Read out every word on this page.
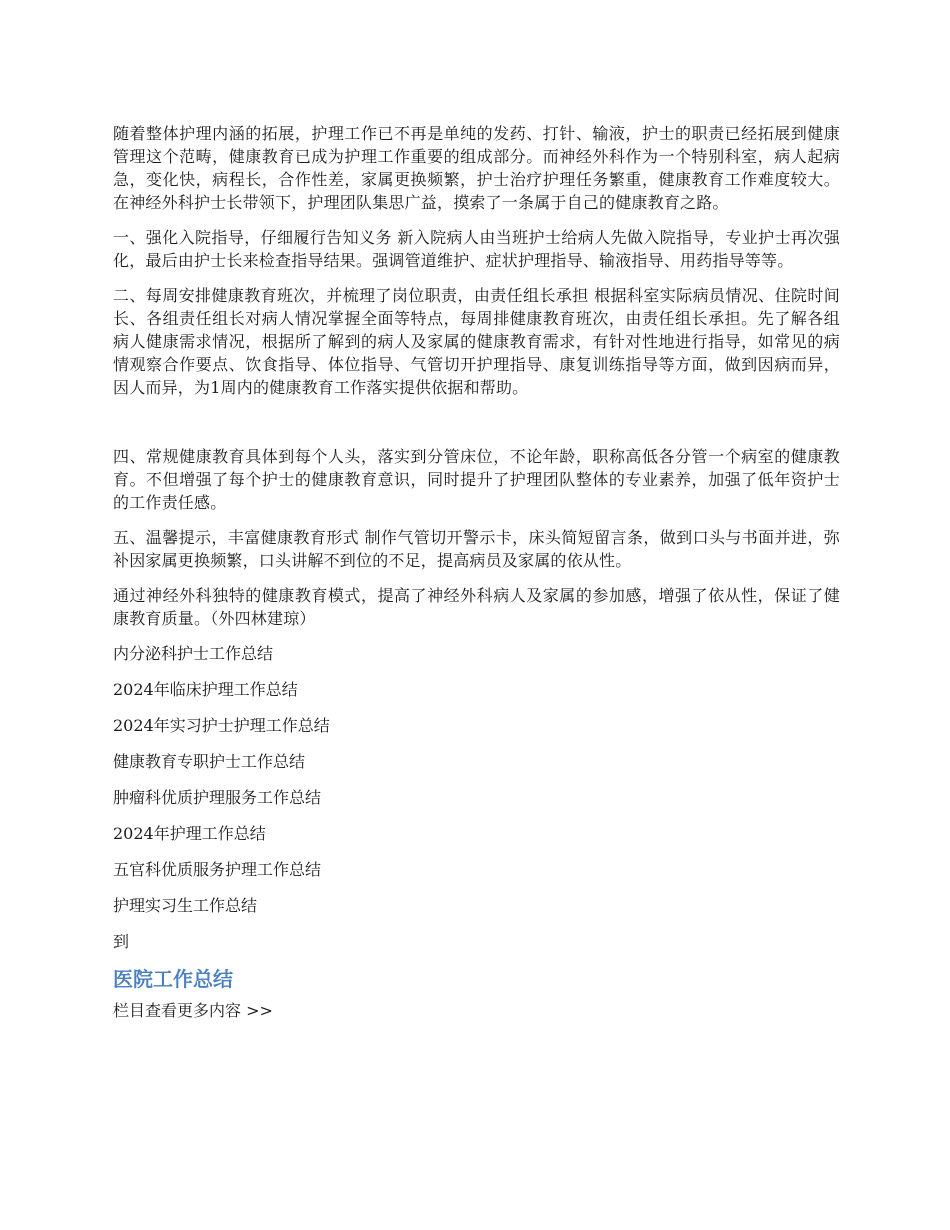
随着整体护理内涵的拓展，护理工作已不再是单纯的发药、打针、输液，护士的职责已经拓展到健康管理这个范畴，健康教育已成为护理工作重要的组成部分。而神经外科作为一个特别科室，病人起病急，变化快，病程长，合作性差，家属更换频繁，护士治疗护理任务繁重，健康教育工作难度较大。在神经外科护士长带领下，护理团队集思广益，摸索了一条属于自己的健康教育之路。

一、强化入院指导，仔细履行告知义务 新入院病人由当班护士给病人先做入院指导，专业护士再次强化，最后由护士长来检查指导结果。强调管道维护、症状护理指导、输液指导、用药指导等等。

二、每周安排健康教育班次，并梳理了岗位职责，由责任组长承担 根据科室实际病员情况、住院时间长、各组责任组长对病人情况掌握全面等特点，每周排健康教育班次，由责任组长承担。先了解各组病人健康需求情况，根据所了解到的病人及家属的健康教育需求，有针对性地进行指导，如常见的病情观察合作要点、饮食指导、体位指导、气管切开护理指导、康复训练指导等方面，做到因病而异，因人而异，为1周内的健康教育工作落实提供依据和帮助。

四、常规健康教育具体到每个人头，落实到分管床位，不论年龄，职称高低各分管一个病室的健康教育。不但增强了每个护士的健康教育意识，同时提升了护理团队整体的专业素养，加强了低年资护士的工作责任感。

五、温馨提示，丰富健康教育形式 制作气管切开警示卡，床头简短留言条，做到口头与书面并进，弥补因家属更换频繁，口头讲解不到位的不足，提高病员及家属的依从性。

通过神经外科独特的健康教育模式，提高了神经外科病人及家属的参加感，增强了依从性，保证了健康教育质量。（外四林建琼）

内分泌科护士工作总结
2024年临床护理工作总结
2024年实习护士护理工作总结
健康教育专职护士工作总结
肿瘤科优质护理服务工作总结
2024年护理工作总结
五官科优质服务护理工作总结
护理实习生工作总结

到

医院工作总结

栏目查看更多内容 >>
